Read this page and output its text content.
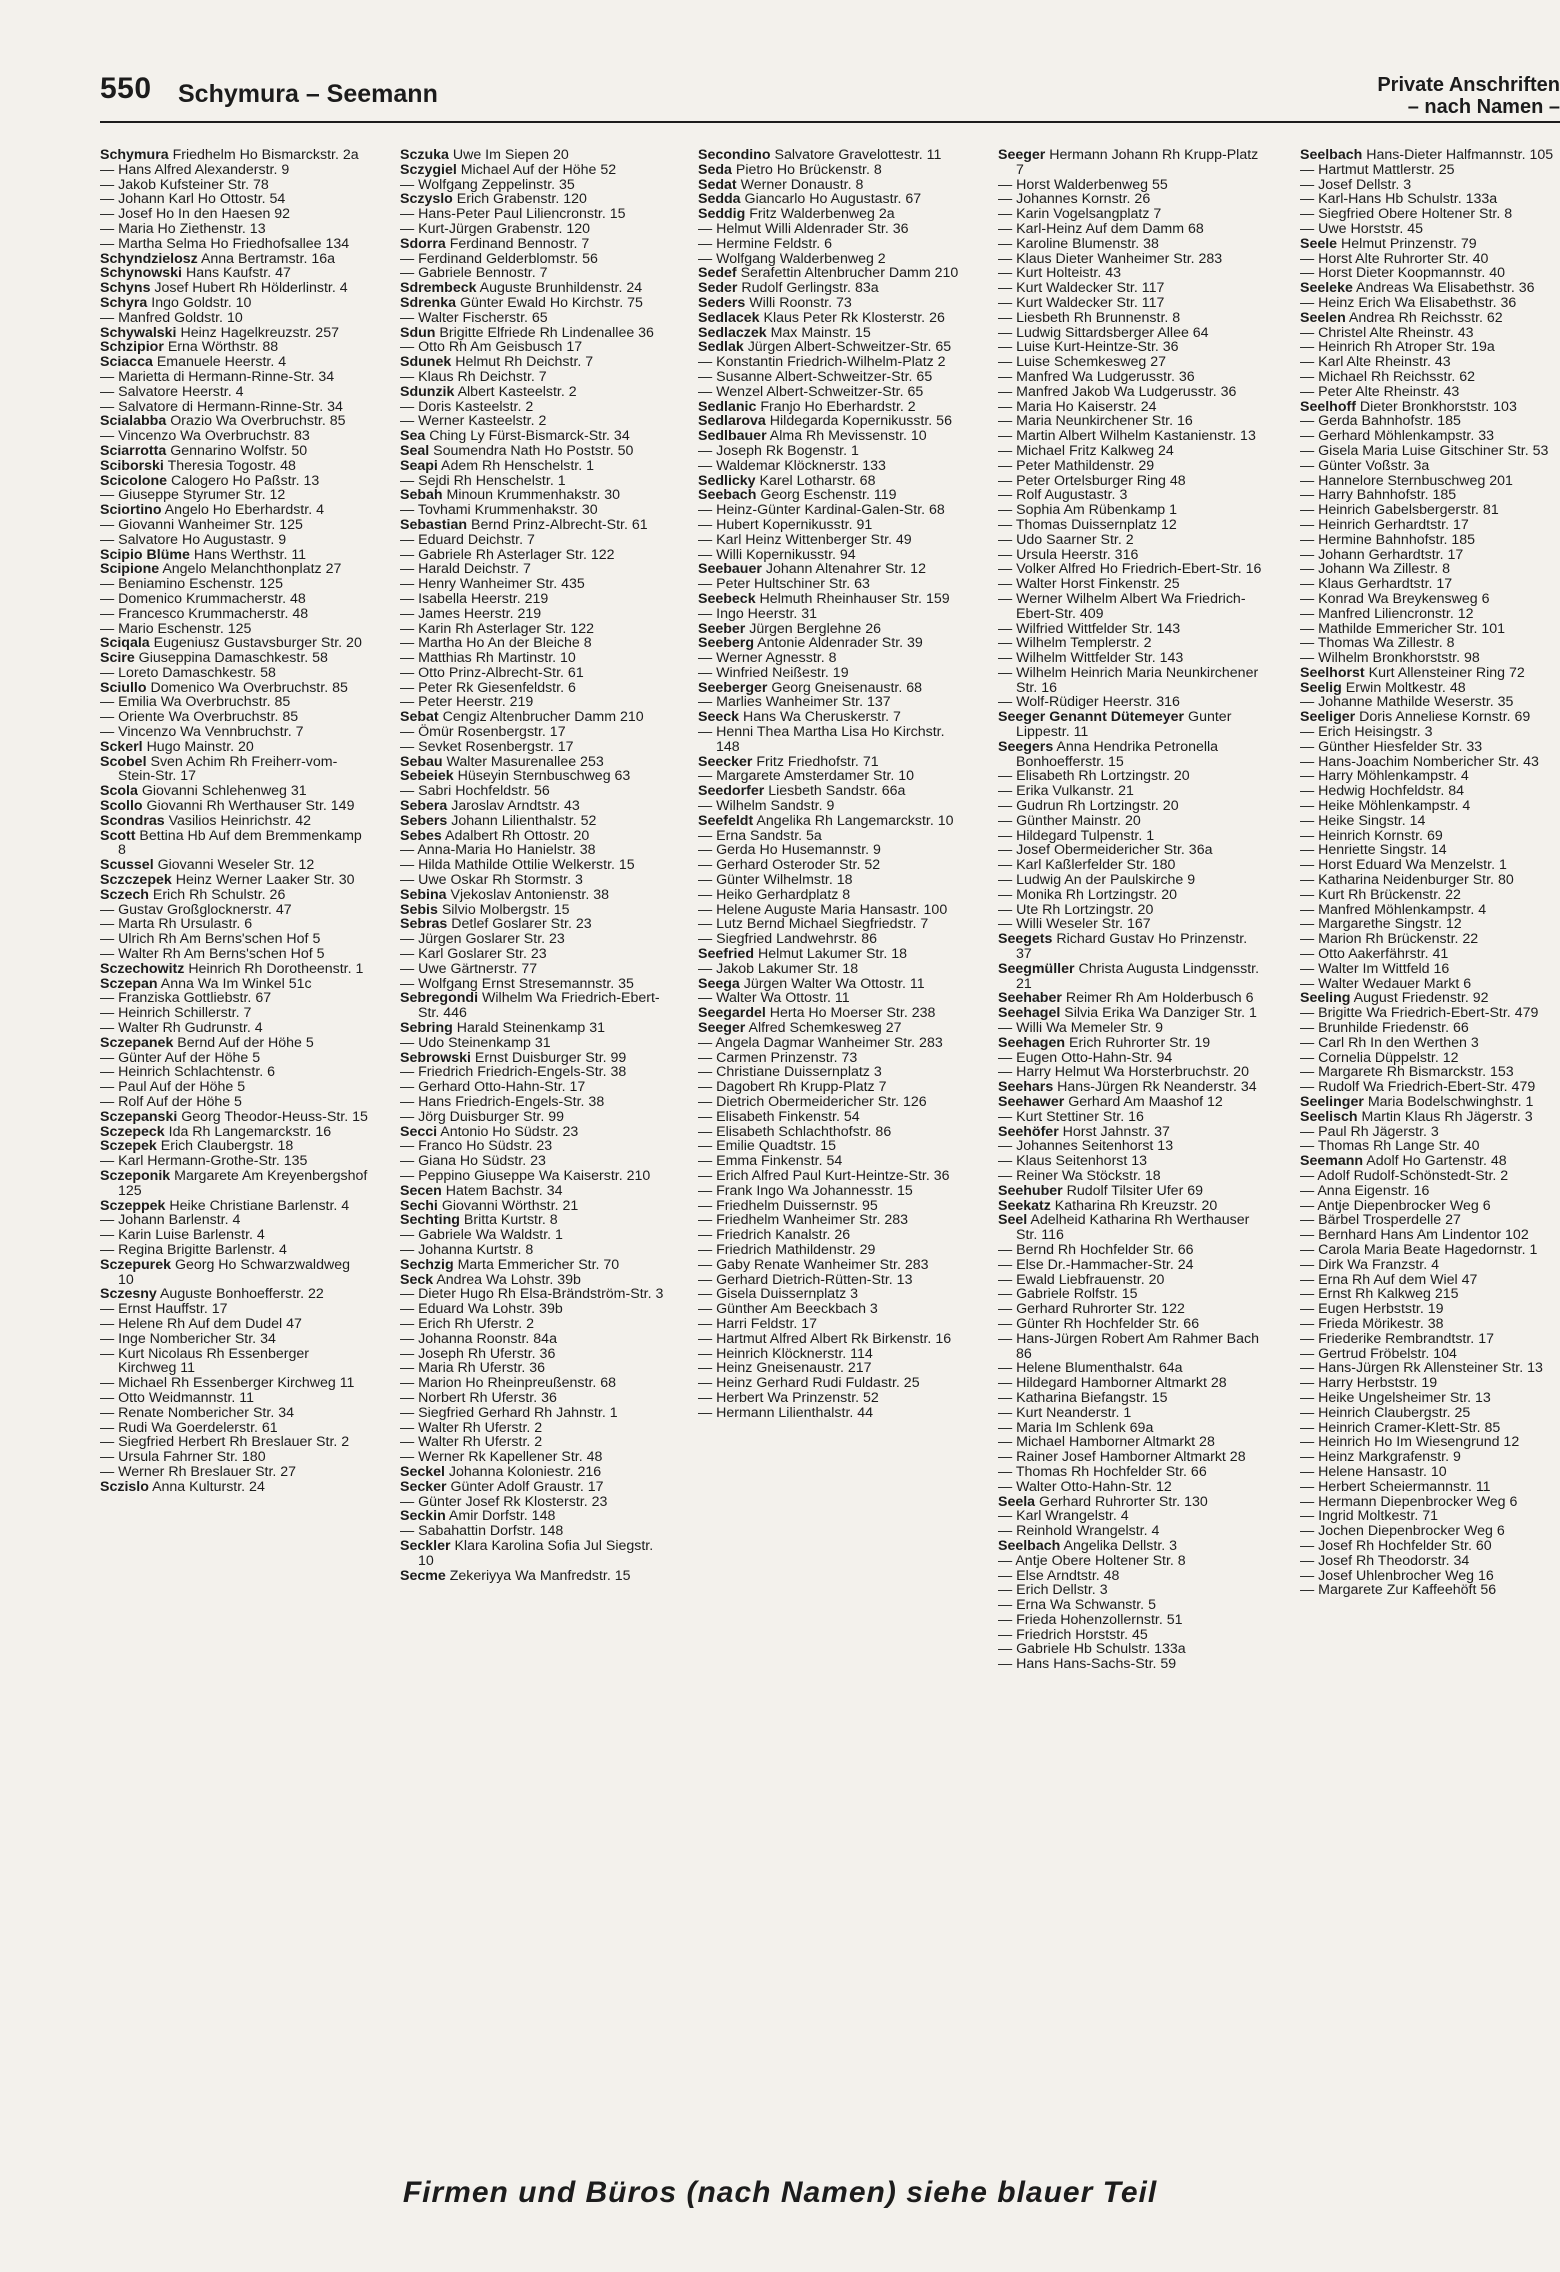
550 Schymura – Seemann	Private Anschriften
– nach Namen –

Schymura Friedhelm Ho Bismarckstr. 2a

— Hans Alfred Alexanderstr. 9

— Jakob Kufsteiner Str. 78

— Johann Karl Ho Ottostr. 54

— Josef Ho In den Haesen 92

— Maria Ho Ziethenstr. 13

— Martha Selma Ho Friedhofsallee 134

Schyndzielosz Anna Bertramstr. 16a

Schynowski Hans Kaufstr. 47

Schyns Josef Hubert Rh Hölderlinstr. 4

Schyra Ingo Goldstr. 10

— Manfred Goldstr. 10

Schywalski Heinz Hagelkreuzstr. 257

Schzipior Erna Wörthstr. 88

Sciacca Emanuele Heerstr. 4

— Marietta di Hermann-Rinne-Str. 34

— Salvatore Heerstr. 4

— Salvatore di Hermann-Rinne-Str. 34

Scialabba Orazio Wa Overbruchstr. 85

— Vincenzo Wa Overbruchstr. 83

Sciarrotta Gennarino Wolfstr. 50

Sciborski Theresia Togostr. 48

Scicolone Calogero Ho Paßstr. 13

— Giuseppe Styrumer Str. 12

Sciortino Angelo Ho Eberhardstr. 4

— Giovanni Wanheimer Str. 125

— Salvatore Ho Augustastr. 9

Scipio Blüme Hans Werthstr. 11

Scipione Angelo Melanchthonplatz 27

— Beniamino Eschenstr. 125

— Domenico Krummacherstr. 48

— Francesco Krummacherstr. 48

— Mario Eschenstr. 125

Sciqala Eugeniusz Gustavsburger Str. 20

Scire Giuseppina Damaschkestr. 58

— Loreto Damaschkestr. 58

Sciullo Domenico Wa Overbruchstr. 85

— Emilia Wa Overbruchstr. 85

— Oriente Wa Overbruchstr. 85

— Vincenzo Wa Vennbruchstr. 7

Sckerl Hugo Mainstr. 20

Scobel Sven Achim Rh Freiherr-vom-Stein-Str. 17

Scola Giovanni Schlehenweg 31

Scollo Giovanni Rh Werthauser Str. 149

Scondras Vasilios Heinrichstr. 42

Scott Bettina Hb Auf dem Bremmenkamp 8

Scussel Giovanni Weseler Str. 12

Sczczepek Heinz Werner Laaker Str. 30

Sczech Erich Rh Schulstr. 26

— Gustav Großglocknerstr. 47

— Marta Rh Ursulastr. 6

— Ulrich Rh Am Berns'schen Hof 5

— Walter Rh Am Berns'schen Hof 5

Sczechowitz Heinrich Rh Dorotheenstr. 1

Sczepan Anna Wa Im Winkel 51c

— Franziska Gottliebstr. 67

— Heinrich Schillerstr. 7

— Walter Rh Gudrunstr. 4

Sczepanek Bernd Auf der Höhe 5

— Günter Auf der Höhe 5

— Heinrich Schlachtenstr. 6

— Paul Auf der Höhe 5

— Rolf Auf der Höhe 5

Sczepanski Georg Theodor-Heuss-Str. 15

Sczepeck Ida Rh Langemarckstr. 16

Sczepek Erich Claubergstr. 18

— Karl Hermann-Grothe-Str. 135

Sczeponik Margarete Am Kreyenbergshof 125

Sczeppek Heike Christiane Barlenstr. 4

— Johann Barlenstr. 4

— Karin Luise Barlenstr. 4

— Regina Brigitte Barlenstr. 4

Sczepurek Georg Ho Schwarzwaldweg 10

Sczesny Auguste Bonhoefferstr. 22

— Ernst Hauffstr. 17

— Helene Rh Auf dem Dudel 47

— Inge Nombericher Str. 34

— Kurt Nicolaus Rh Essenberger Kirchweg 11

— Michael Rh Essenberger Kirchweg 11

— Otto Weidmannstr. 11

— Renate Nombericher Str. 34

— Rudi Wa Goerdelerstr. 61

— Siegfried Herbert Rh Breslauer Str. 2

— Ursula Fahrner Str. 180

— Werner Rh Breslauer Str. 27

Sczislo Anna Kulturstr. 24

Sczuka Uwe Im Siepen 20

Sczygiel Michael Auf der Höhe 52

— Wolfgang Zeppelinstr. 35

Sczyslo Erich Grabenstr. 120

— Hans-Peter Paul Liliencronstr. 15

— Kurt-Jürgen Grabenstr. 120

Sdorra Ferdinand Bennostr. 7

— Ferdinand Gelderblomstr. 56

— Gabriele Bennostr. 7

Sdrembeck Auguste Brunhildenstr. 24

Sdrenka Günter Ewald Ho Kirchstr. 75

— Walter Fischerstr. 65

Sdun Brigitte Elfriede Rh Lindenallee 36

— Otto Rh Am Geisbusch 17

Sdunek Helmut Rh Deichstr. 7

— Klaus Rh Deichstr. 7

Sdunzik Albert Kasteelstr. 2

— Doris Kasteelstr. 2

— Werner Kasteelstr. 2

Sea Ching Ly Fürst-Bismarck-Str. 34

Seal Soumendra Nath Ho Poststr. 50

Seapi Adem Rh Henschelstr. 1

— Sejdi Rh Henschelstr. 1

Sebah Minoun Krummenhakstr. 30

— Tovhami Krummenhakstr. 30

Sebastian Bernd Prinz-Albrecht-Str. 61

— Eduard Deichstr. 7

— Gabriele Rh Asterlager Str. 122

— Harald Deichstr. 7

— Henry Wanheimer Str. 435

— Isabella Heerstr. 219

— James Heerstr. 219

— Karin Rh Asterlager Str. 122

— Martha Ho An der Bleiche 8

— Matthias Rh Martinstr. 10

— Otto Prinz-Albrecht-Str. 61

— Peter Rk Giesenfeldstr. 6

— Peter Heerstr. 219

Sebat Cengiz Altenbrucher Damm 210

— Ömür Rosenbergstr. 17

— Sevket Rosenbergstr. 17

Sebau Walter Masurenallee 253

Sebeiek Hüseyin Sternbuschweg 63

— Sabri Hochfeldstr. 56

Sebera Jaroslav Arndtstr. 43

Sebers Johann Lilienthalstr. 52

Sebes Adalbert Rh Ottostr. 20

— Anna-Maria Ho Hanielstr. 38

— Hilda Mathilde Ottilie Welkerstr. 15

— Uwe Oskar Rh Stormstr. 3

Sebina Vjekoslav Antonienstr. 38

Sebis Silvio Molbergstr. 15

Sebras Detlef Goslarer Str. 23

— Jürgen Goslarer Str. 23

— Karl Goslarer Str. 23

— Uwe Gärtnerstr. 77

— Wolfgang Ernst Stresemannstr. 35

Sebregondi Wilhelm Wa Friedrich-Ebert-Str. 446

Sebring Harald Steinenkamp 31

— Udo Steinenkamp 31

Sebrowski Ernst Duisburger Str. 99

— Friedrich Friedrich-Engels-Str. 38

— Gerhard Otto-Hahn-Str. 17

— Hans Friedrich-Engels-Str. 38

— Jörg Duisburger Str. 99

Secci Antonio Ho Südstr. 23

— Franco Ho Südstr. 23

— Giana Ho Südstr. 23

— Peppino Giuseppe Wa Kaiserstr. 210

Secen Hatem Bachstr. 34

Sechi Giovanni Wörthstr. 21

Sechting Britta Kurtstr. 8

— Gabriele Wa Waldstr. 1

— Johanna Kurtstr. 8

Sechzig Marta Emmericher Str. 70

Seck Andrea Wa Lohstr. 39b

— Dieter Hugo Rh Elsa-Brändström-Str. 3

— Eduard Wa Lohstr. 39b

— Erich Rh Uferstr. 2

— Johanna Roonstr. 84a

— Joseph Rh Uferstr. 36

— Maria Rh Uferstr. 36

— Marion Ho Rheinpreußenstr. 68

— Norbert Rh Uferstr. 36

— Siegfried Gerhard Rh Jahnstr. 1

— Walter Rh Uferstr. 2

— Walter Rh Uferstr. 2

— Werner Rk Kapellener Str. 48

Seckel Johanna Koloniestr. 216

Secker Günter Adolf Graustr. 17

— Günter Josef Rk Klosterstr. 23

Seckin Amir Dorfstr. 148

— Sabahattin Dorfstr. 148

Seckler Klara Karolina Sofia Jul Siegstr. 10

Secme Zekeriyya Wa Manfredstr. 15

Secondino Salvatore Gravelottestr. 11

Seda Pietro Ho Brückenstr. 8

Sedat Werner Donaustr. 8

Sedda Giancarlo Ho Augustastr. 67

Seddig Fritz Walderbenweg 2a

— Helmut Willi Aldenrader Str. 36

— Hermine Feldstr. 6

— Wolfgang Walderbenweg 2

Sedef Serafettin Altenbrucher Damm 210

Seder Rudolf Gerlingstr. 83a

Seders Willi Roonstr. 73

Sedlacek Klaus Peter Rk Klosterstr. 26

Sedlaczek Max Mainstr. 15

Sedlak Jürgen Albert-Schweitzer-Str. 65

— Konstantin Friedrich-Wilhelm-Platz 2

— Susanne Albert-Schweitzer-Str. 65

— Wenzel Albert-Schweitzer-Str. 65

Sedlanic Franjo Ho Eberhardstr. 2

Sedlarova Hildegarda Kopernikusstr. 56

Sedlbauer Alma Rh Mevissenstr. 10

— Joseph Rk Bogenstr. 1

— Waldemar Klöcknerstr. 133

Sedlicky Karel Lotharstr. 68

Seebach Georg Eschenstr. 119

— Heinz-Günter Kardinal-Galen-Str. 68

— Hubert Kopernikusstr. 91

— Karl Heinz Wittenberger Str. 49

— Willi Kopernikusstr. 94

Seebauer Johann Altenahrer Str. 12

— Peter Hultschiner Str. 63

Seebeck Helmuth Rheinhauser Str. 159

— Ingo Heerstr. 31

Seeber Jürgen Berglehne 26

Seeberg Antonie Aldenrader Str. 39

— Werner Agnesstr. 8

— Winfried Neißestr. 19

Seeberger Georg Gneisenaustr. 68

— Marlies Wanheimer Str. 137

Seeck Hans Wa Cheruskerstr. 7

— Henni Thea Martha Lisa Ho Kirchstr. 148

Seecker Fritz Friedhofstr. 71

— Margarete Amsterdamer Str. 10

Seedorfer Liesbeth Sandstr. 66a

— Wilhelm Sandstr. 9

Seefeldt Angelika Rh Langemarckstr. 10

— Erna Sandstr. 5a

— Gerda Ho Husemannstr. 9

— Gerhard Osteroder Str. 52

— Günter Wilhelmstr. 18

— Heiko Gerhardplatz 8

— Helene Auguste Maria Hansastr. 100

— Lutz Bernd Michael Siegfriedstr. 7

— Siegfried Landwehrstr. 86

Seefried Helmut Lakumer Str. 18

— Jakob Lakumer Str. 18

Seega Jürgen Walter Wa Ottostr. 11

— Walter Wa Ottostr. 11

Seegardel Herta Ho Moerser Str. 238

Seeger Alfred Schemkesweg 27

— Angela Dagmar Wanheimer Str. 283

— Carmen Prinzenstr. 73

— Christiane Duissernplatz 3

— Dagobert Rh Krupp-Platz 7

— Dietrich Obermeidericher Str. 126

— Elisabeth Finkenstr. 54

— Elisabeth Schlachthofstr. 86

— Emilie Quadtstr. 15

— Emma Finkenstr. 54

— Erich Alfred Paul Kurt-Heintze-Str. 36

— Frank Ingo Wa Johannesstr. 15

— Friedhelm Duissernstr. 95

— Friedhelm Wanheimer Str. 283

— Friedrich Kanalstr. 26

— Friedrich Mathildenstr. 29

— Gaby Renate Wanheimer Str. 283

— Gerhard Dietrich-Rütten-Str. 13

— Gisela Duissernplatz 3

— Günther Am Beeckbach 3

— Harri Feldstr. 17

— Hartmut Alfred Albert Rk Birkenstr. 16

— Heinrich Klöcknerstr. 114

— Heinz Gneisenaustr. 217

— Heinz Gerhard Rudi Fuldastr. 25

— Herbert Wa Prinzenstr. 52

— Hermann Lilienthalstr. 44

Seeger Hermann Johann Rh Krupp-Platz 7

— Horst Walderbenweg 55

— Johannes Kornstr. 26

— Karin Vogelsangplatz 7

— Karl-Heinz Auf dem Damm 68

— Karoline Blumenstr. 38

— Klaus Dieter Wanheimer Str. 283

— Kurt Holteistr. 43

— Kurt Waldecker Str. 117

— Kurt Waldecker Str. 117

— Liesbeth Rh Brunnenstr. 8

— Ludwig Sittardsberger Allee 64

— Luise Kurt-Heintze-Str. 36

— Luise Schemkesweg 27

— Manfred Wa Ludgerusstr. 36

— Manfred Jakob Wa Ludgerusstr. 36

— Maria Ho Kaiserstr. 24

— Maria Neunkirchener Str. 16

— Martin Albert Wilhelm Kastanienstr. 13

— Michael Fritz Kalkweg 24

— Peter Mathildenstr. 29

— Peter Ortelsburger Ring 48

— Rolf Augustastr. 3

— Sophia Am Rübenkamp 1

— Thomas Duissernplatz 12

— Udo Saarner Str. 2

— Ursula Heerstr. 316

— Volker Alfred Ho Friedrich-Ebert-Str. 16

— Walter Horst Finkenstr. 25

— Werner Wilhelm Albert Wa Friedrich-Ebert-Str. 409

— Wilfried Wittfelder Str. 143

— Wilhelm Templerstr. 2

— Wilhelm Wittfelder Str. 143

— Wilhelm Heinrich Maria Neunkirchener Str. 16

— Wolf-Rüdiger Heerstr. 316

Seeger Genannt Dütemeyer Gunter Lippestr. 11

Seegers Anna Hendrika Petronella Bonhoefferstr. 15

— Elisabeth Rh Lortzingstr. 20

— Erika Vulkanstr. 21

— Gudrun Rh Lortzingstr. 20

— Günther Mainstr. 20

— Hildegard Tulpenstr. 1

— Josef Obermeidericher Str. 36a

— Karl Kaßlerfelder Str. 180

— Ludwig An der Paulskirche 9

— Monika Rh Lortzingstr. 20

— Ute Rh Lortzingstr. 20

— Willi Weseler Str. 167

Seegets Richard Gustav Ho Prinzenstr. 37

Seegmüller Christa Augusta Lindgensstr. 21

Seehaber Reimer Rh Am Holderbusch 6

Seehagel Silvia Erika Wa Danziger Str. 1

— Willi Wa Memeler Str. 9

Seehagen Erich Ruhrorter Str. 19

— Eugen Otto-Hahn-Str. 94

— Harry Helmut Wa Horsterbruchstr. 20

Seehars Hans-Jürgen Rk Neanderstr. 34

Seehawer Gerhard Am Maashof 12

— Kurt Stettiner Str. 16

Seehöfer Horst Jahnstr. 37

— Johannes Seitenhorst 13

— Klaus Seitenhorst 13

— Reiner Wa Stöckstr. 18

Seehuber Rudolf Tilsiter Ufer 69

Seekatz Katharina Rh Kreuzstr. 20

Seel Adelheid Katharina Rh Werthauser Str. 116

— Bernd Rh Hochfelder Str. 66

— Else Dr.-Hammacher-Str. 24

— Ewald Liebfrauenstr. 20

— Gabriele Rolfstr. 15

— Gerhard Ruhrorter Str. 122

— Günter Rh Hochfelder Str. 66

— Hans-Jürgen Robert Am Rahmer Bach 86

— Helene Blumenthalstr. 64a

— Hildegard Hamborner Altmarkt 28

— Katharina Biefangstr. 15

— Kurt Neanderstr. 1

— Maria Im Schlenk 69a

— Michael Hamborner Altmarkt 28

— Rainer Josef Hamborner Altmarkt 28

— Thomas Rh Hochfelder Str. 66

— Walter Otto-Hahn-Str. 12

Seela Gerhard Ruhrorter Str. 130

— Karl Wrangelstr. 4

— Reinhold Wrangelstr. 4

Seelbach Angelika Dellstr. 3

— Antje Obere Holtener Str. 8

— Else Arndtstr. 48

— Erich Dellstr. 3

— Erna Wa Schwanstr. 5

— Frieda Hohenzollernstr. 51

— Friedrich Horststr. 45

— Gabriele Hb Schulstr. 133a

— Hans Hans-Sachs-Str. 59

Seelbach Hans-Dieter Halfmannstr. 105

— Hartmut Mattlerstr. 25

— Josef Dellstr. 3

— Karl-Hans Hb Schulstr. 133a

— Siegfried Obere Holtener Str. 8

— Uwe Horststr. 45

Seele Helmut Prinzenstr. 79

— Horst Alte Ruhrorter Str. 40

— Horst Dieter Koopmannstr. 40

Seeleke Andreas Wa Elisabethstr. 36

— Heinz Erich Wa Elisabethstr. 36

Seelen Andrea Rh Reichsstr. 62

— Christel Alte Rheinstr. 43

— Heinrich Rh Atroper Str. 19a

— Karl Alte Rheinstr. 43

— Michael Rh Reichsstr. 62

— Peter Alte Rheinstr. 43

Seelhoff Dieter Bronkhorststr. 103

— Gerda Bahnhofstr. 185

— Gerhard Möhlenkampstr. 33

— Gisela Maria Luise Gitschiner Str. 53

— Günter Voßstr. 3a

— Hannelore Sternbuschweg 201

— Harry Bahnhofstr. 185

— Heinrich Gabelsbergerstr. 81

— Heinrich Gerhardtstr. 17

— Hermine Bahnhofstr. 185

— Johann Gerhardtstr. 17

— Johann Wa Zillestr. 8

— Klaus Gerhardtstr. 17

— Konrad Wa Breykensweg 6

— Manfred Liliencronstr. 12

— Mathilde Emmericher Str. 101

— Thomas Wa Zillestr. 8

— Wilhelm Bronkhorststr. 98

Seelhorst Kurt Allensteiner Ring 72

Seelig Erwin Moltkestr. 48

— Johanne Mathilde Weserstr. 35

Seeliger Doris Anneliese Kornstr. 69

— Erich Heisingstr. 3

— Günther Hiesfelder Str. 33

— Hans-Joachim Nombericher Str. 43

— Harry Möhlenkampstr. 4

— Hedwig Hochfeldstr. 84

— Heike Möhlenkampstr. 4

— Heike Singstr. 14

— Heinrich Kornstr. 69

— Henriette Singstr. 14

— Horst Eduard Wa Menzelstr. 1

— Katharina Neidenburger Str. 80

— Kurt Rh Brückenstr. 22

— Manfred Möhlenkampstr. 4

— Margarethe Singstr. 12

— Marion Rh Brückenstr. 22

— Otto Aakerfährstr. 41

— Walter Im Wittfeld 16

— Walter Wedauer Markt 6

Seeling August Friedenstr. 92

— Brigitte Wa Friedrich-Ebert-Str. 479

— Brunhilde Friedenstr. 66

— Carl Rh In den Werthen 3

— Cornelia Düppelstr. 12

— Margarete Rh Bismarckstr. 153

— Rudolf Wa Friedrich-Ebert-Str. 479

Seelinger Maria Bodelschwinghstr. 1

Seelisch Martin Klaus Rh Jägerstr. 3

— Paul Rh Jägerstr. 3

— Thomas Rh Lange Str. 40

Seemann Adolf Ho Gartenstr. 48

— Adolf Rudolf-Schönstedt-Str. 2

— Anna Eigenstr. 16

— Antje Diepenbrocker Weg 6

— Bärbel Trosperdelle 27

— Bernhard Hans Am Lindentor 102

— Carola Maria Beate Hagedornstr. 1

— Dirk Wa Franzstr. 4

— Erna Rh Auf dem Wiel 47

— Ernst Rh Kalkweg 215

— Eugen Herbststr. 19

— Frieda Mörikestr. 38

— Friederike Rembrandtstr. 17

— Gertrud Fröbelstr. 104

— Hans-Jürgen Rk Allensteiner Str. 13

— Harry Herbststr. 19

— Heike Ungelsheimer Str. 13

— Heinrich Claubergstr. 25

— Heinrich Cramer-Klett-Str. 85

— Heinrich Ho Im Wiesengrund 12

— Heinz Markgrafenstr. 9

— Helene Hansastr. 10

— Herbert Scheiermannstr. 11

— Hermann Diepenbrocker Weg 6

— Ingrid Moltkestr. 71

— Jochen Diepenbrocker Weg 6

— Josef Rh Hochfelder Str. 60

— Josef Rh Theodorstr. 34

— Josef Uhlenbrocher Weg 16

— Margarete Zur Kaffeehöft 56

Firmen und Büros (nach Namen) siehe blauer Teil
